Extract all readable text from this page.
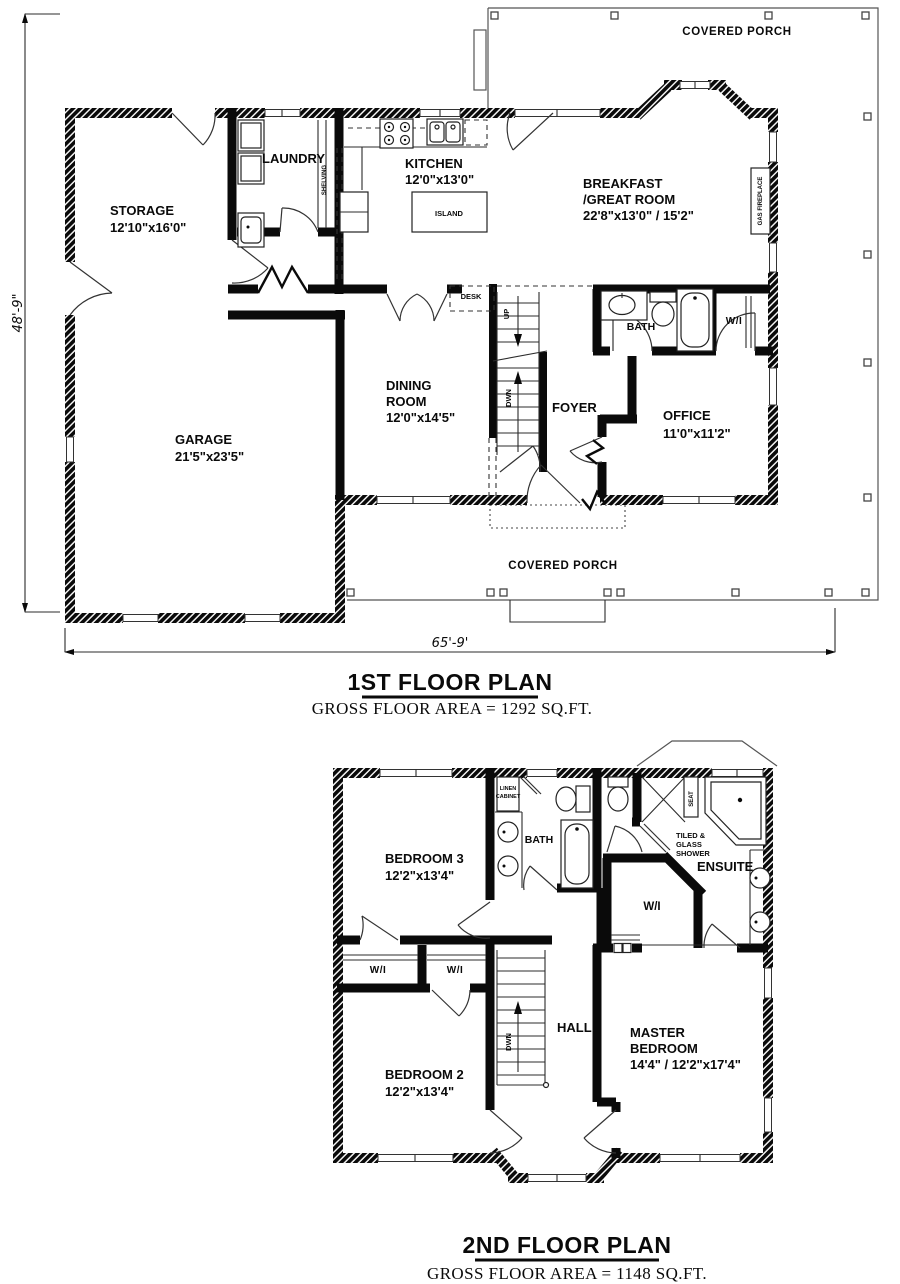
COVERED PORCH
STORAGE
12'10"x16'0"
LAUNDRY
SHELVING
KITCHEN
12'0"x13'0"
ISLAND
BREAKFAST
/GREAT ROOM
22'8"x13'0" / 15'2"	GAS FIREPLACE
DESK
UP
DWN
DINING
ROOM
12'0"x14'5"
FOYER
BATH	W/I
OFFICE
11'0"x11'2"
GARAGE
21'5"x23'5"
COVERED PORCH
48'-9"
65'-9'
1ST FLOOR PLAN
GROSS FLOOR AREA = 1292 SQ.FT.
BEDROOM 3
12'2"x13'4"
LINEN
CABINET
BATH
SEAT
TILED &
GLASS
SHOWER
ENSUITE
W/I
W/I	W/I
DWN
HALL	MASTER
BEDROOM
14'4" / 12'2"x17'4"
BEDROOM 2
12'2"x13'4"
2ND FLOOR PLAN
GROSS FLOOR AREA = 1148 SQ.FT.
